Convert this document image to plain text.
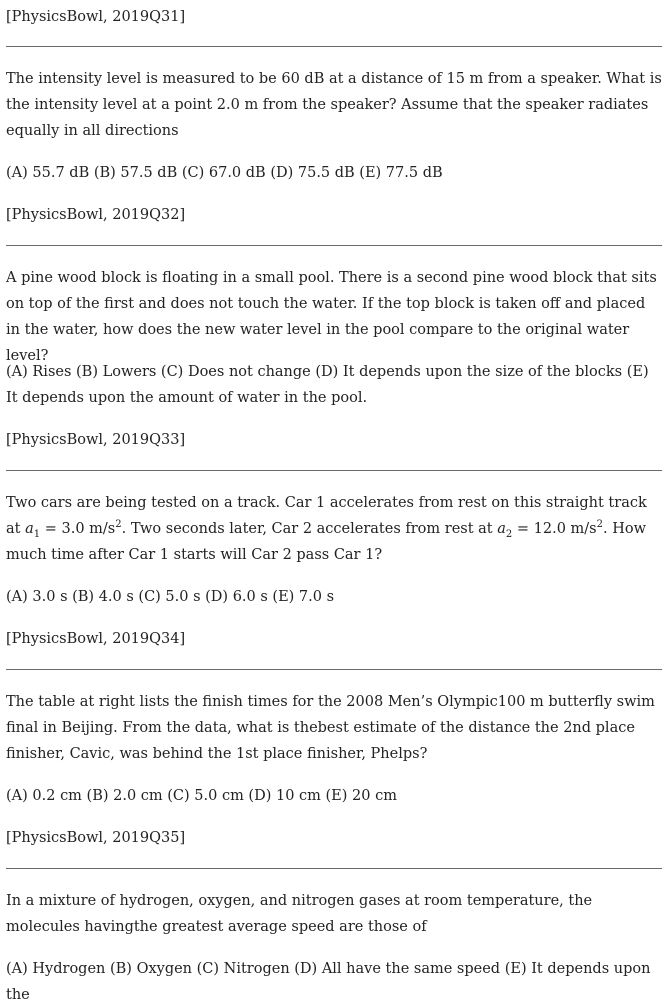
[PhysicsBowl, 2019Q31]

The intensity level is measured to be 60 dB at a distance of 15 m from a speaker. What is the intensity level at a point 2.0 m from the speaker? Assume that the speaker radiates equally in all directions

(A) 55.7 dB (B) 57.5 dB (C) 67.0 dB (D) 75.5 dB (E) 77.5 dB

[PhysicsBowl, 2019Q32]

A pine wood block is floating in a small pool. There is a second pine wood block that sits on top of the first and does not touch the water. If the top block is taken off and placed in the water, how does the new water level in the pool compare to the original water level?

(A) Rises (B) Lowers (C) Does not change (D) It depends upon the size of the blocks (E) It depends upon the amount of water in the pool.

[PhysicsBowl, 2019Q33]

Two cars are being tested on a track. Car 1 accelerates from rest on this straight track at $a_1 = 3.0$ $m/s^2$. Two seconds later, Car 2 accelerates from rest at $a_2 = 12.0$ $m/s^2$. How much time after Car 1 starts will Car 2 pass Car 1?

(A) 3.0 s (B) 4.0 s (C) 5.0 s (D) 6.0 s (E) 7.0 s

[PhysicsBowl, 2019Q34]

The table at right lists the finish times for the 2008 Men’s Olympic100 m butterfly swim final in Beijing. From the data, what is thebest estimate of the distance the 2nd place finisher, Cavic, was behind the 1st place finisher, Phelps?

(A) 0.2 cm (B) 2.0 cm (C) 5.0 cm (D) 10 cm (E) 20 cm

[PhysicsBowl, 2019Q35]

In a mixture of hydrogen, oxygen, and nitrogen gases at room temperature, the molecules havingthe greatest average speed are those of

(A) Hydrogen (B) Oxygen (C) Nitrogen (D) All have the same speed (E) It depends upon the
